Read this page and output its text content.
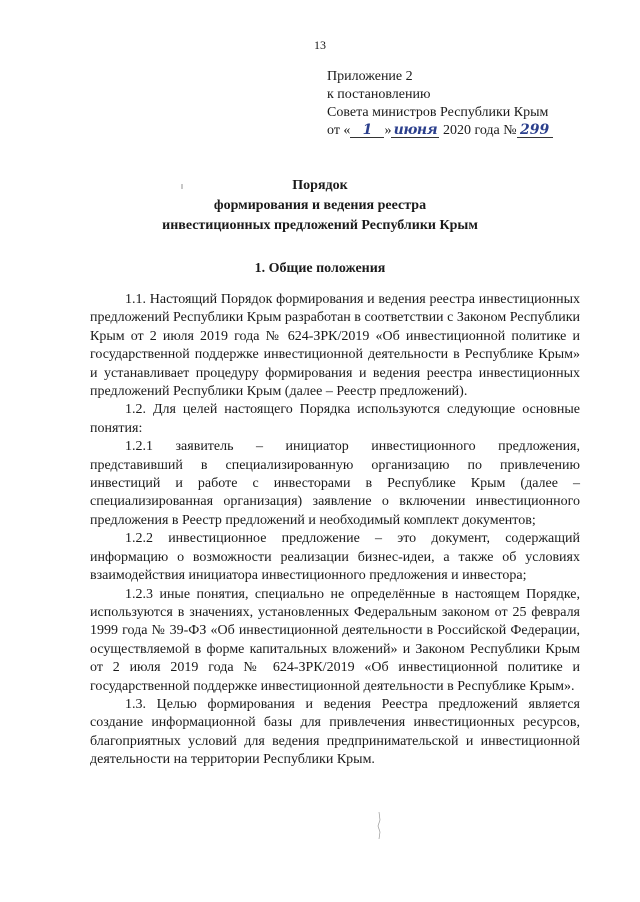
13
Приложение 2
к постановлению
Совета министров Республики Крым
от « 1 » июня 2020 года № 299
Порядок
формирования и ведения реестра
инвестиционных предложений Республики Крым
1. Общие положения

1.1. Настоящий Порядок формирования и ведения реестра инвестиционных предложений Республики Крым разработан в соответствии с Законом Республики Крым от 2 июля 2019 года № 624-ЗРК/2019 «Об инвестиционной политике и государственной поддержке инвестиционной деятельности в Республике Крым» и устанавливает процедуру формирования и ведения реестра инвестиционных предложений Республики Крым (далее – Реестр предложений).

1.2. Для целей настоящего Порядка используются следующие основные понятия:

1.2.1 заявитель – инициатор инвестиционного предложения, представивший в специализированную организацию по привлечению инвестиций и работе с инвесторами в Республике Крым (далее – специализированная организация) заявление о включении инвестиционного предложения в Реестр предложений и необходимый комплект документов;

1.2.2 инвестиционное предложение – это документ, содержащий информацию о возможности реализации бизнес-идеи, а также об условиях взаимодействия инициатора инвестиционного предложения и инвестора;

1.2.3 иные понятия, специально не определённые в настоящем Порядке, используются в значениях, установленных Федеральным законом от 25 февраля 1999 года № 39-ФЗ «Об инвестиционной деятельности в Российской Федерации, осуществляемой в форме капитальных вложений» и Законом Республики Крым от 2 июля 2019 года № 624-ЗРК/2019 «Об инвестиционной политике и государственной поддержке инвестиционной деятельности в Республике Крым».

1.3. Целью формирования и ведения Реестра предложений является создание информационной базы для привлечения инвестиционных ресурсов, благоприятных условий для ведения предпринимательской и инвестиционной деятельности на территории Республики Крым.
